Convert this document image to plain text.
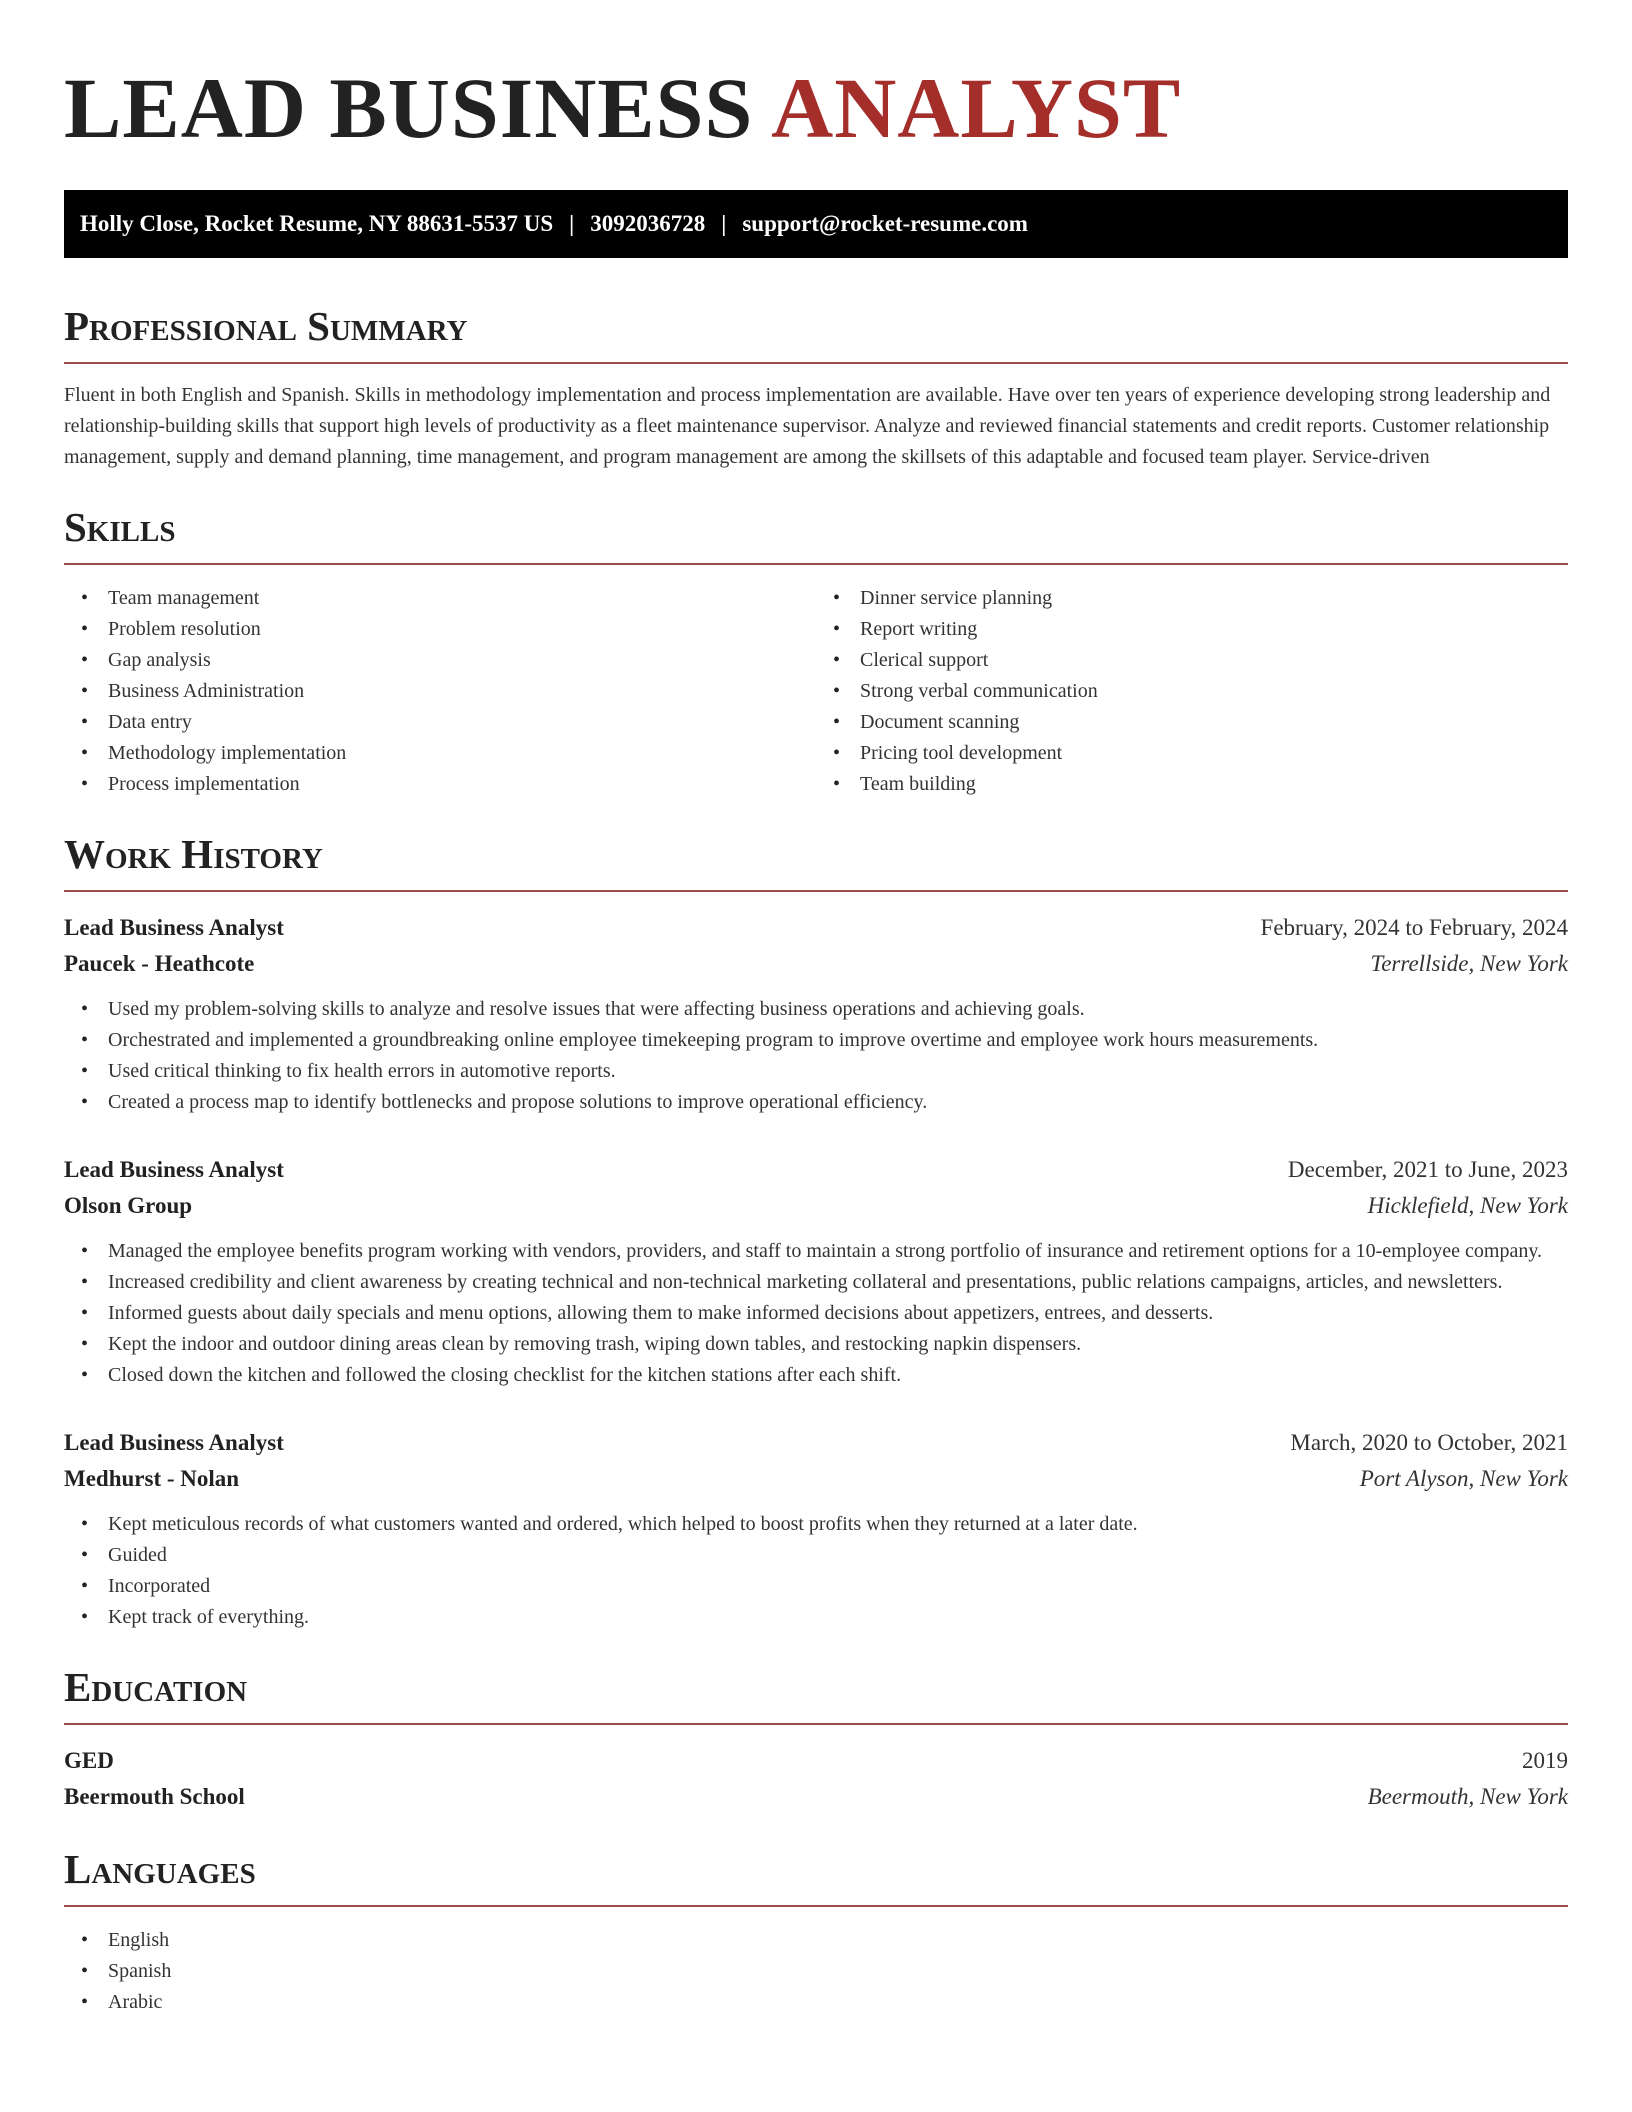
LEAD BUSINESS ANALYST
Holly Close, Rocket Resume, NY 88631-5537 US | 3092036728 | support@rocket-resume.com
Professional Summary

Fluent in both English and Spanish. Skills in methodology implementation and process implementation are available. Have over ten years of experience developing strong leadership and relationship-building skills that support high levels of productivity as a fleet maintenance supervisor. Analyze and reviewed financial statements and credit reports. Customer relationship management, supply and demand planning, time management, and program management are among the skillsets of this adaptable and focused team player. Service-driven

Skills
• Team management
• Problem resolution
• Gap analysis
• Business Administration
• Data entry
• Methodology implementation
• Process implementation
• Dinner service planning
• Report writing
• Clerical support
• Strong verbal communication
• Document scanning
• Pricing tool development
• Team building
Work History
Lead Business Analyst	February, 2024 to February, 2024
Paucek - Heathcote	Terrellside, New York
• Used my problem-solving skills to analyze and resolve issues that were affecting business operations and achieving goals.
• Orchestrated and implemented a groundbreaking online employee timekeeping program to improve overtime and employee work hours measurements.
• Used critical thinking to fix health errors in automotive reports.
• Created a process map to identify bottlenecks and propose solutions to improve operational efficiency.
Lead Business Analyst	December, 2021 to June, 2023
Olson Group	Hicklefield, New York
• Managed the employee benefits program working with vendors, providers, and staff to maintain a strong portfolio of insurance and retirement options for a 10-employee company.
• Increased credibility and client awareness by creating technical and non-technical marketing collateral and presentations, public relations campaigns, articles, and newsletters.
• Informed guests about daily specials and menu options, allowing them to make informed decisions about appetizers, entrees, and desserts.
• Kept the indoor and outdoor dining areas clean by removing trash, wiping down tables, and restocking napkin dispensers.
• Closed down the kitchen and followed the closing checklist for the kitchen stations after each shift.
Lead Business Analyst	March, 2020 to October, 2021
Medhurst - Nolan	Port Alyson, New York
• Kept meticulous records of what customers wanted and ordered, which helped to boost profits when they returned at a later date.
• Guided
• Incorporated
• Kept track of everything.
Education
GED	2019
Beermouth School	Beermouth, New York
Languages
• English
• Spanish
• Arabic
